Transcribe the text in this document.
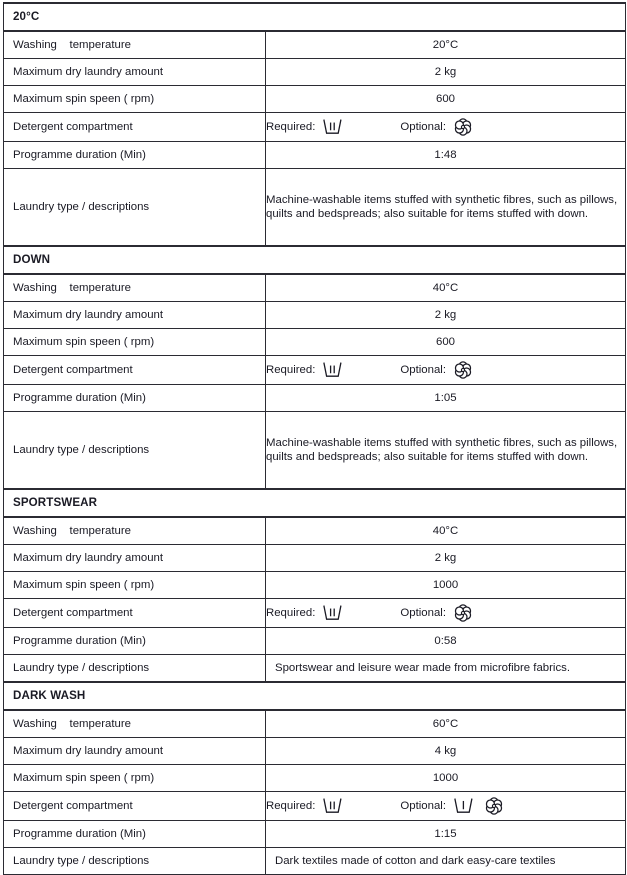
20°C	
Washing    temperature	20°C
Maximum dry laundry amount	2 kg
Maximum spin speen ( rpm)	600
Detergent compartment	Required: Optional:

Programme duration (Min)	1:48
Laundry type / descriptions	Machine-washable items stuffed with synthetic fibres, such as pillows, quilts and bedspreads; also suitable for items stuffed with down.
DOWN	
Washing    temperature	40°C
Maximum dry laundry amount	2 kg
Maximum spin speen ( rpm)	600
Detergent compartment	Required: Optional:

Programme duration (Min)	1:05
Laundry type / descriptions	Machine-washable items stuffed with synthetic fibres, such as pillows, quilts and bedspreads; also suitable for items stuffed with down.
SPORTSWEAR	
Washing    temperature	40°C
Maximum dry laundry amount	2 kg
Maximum spin speen ( rpm)	1000
Detergent compartment	Required: Optional:

Programme duration (Min)	0:58
Laundry type / descriptions	Sportswear and leisure wear made from microfibre fabrics.
DARK WASH	
Washing    temperature	60°C
Maximum dry laundry amount	4 kg
Maximum spin speen ( rpm)	1000
Detergent compartment	Required: Optional:

Programme duration (Min)	1:15
Laundry type / descriptions	Dark textiles made of cotton and dark easy-care textiles
